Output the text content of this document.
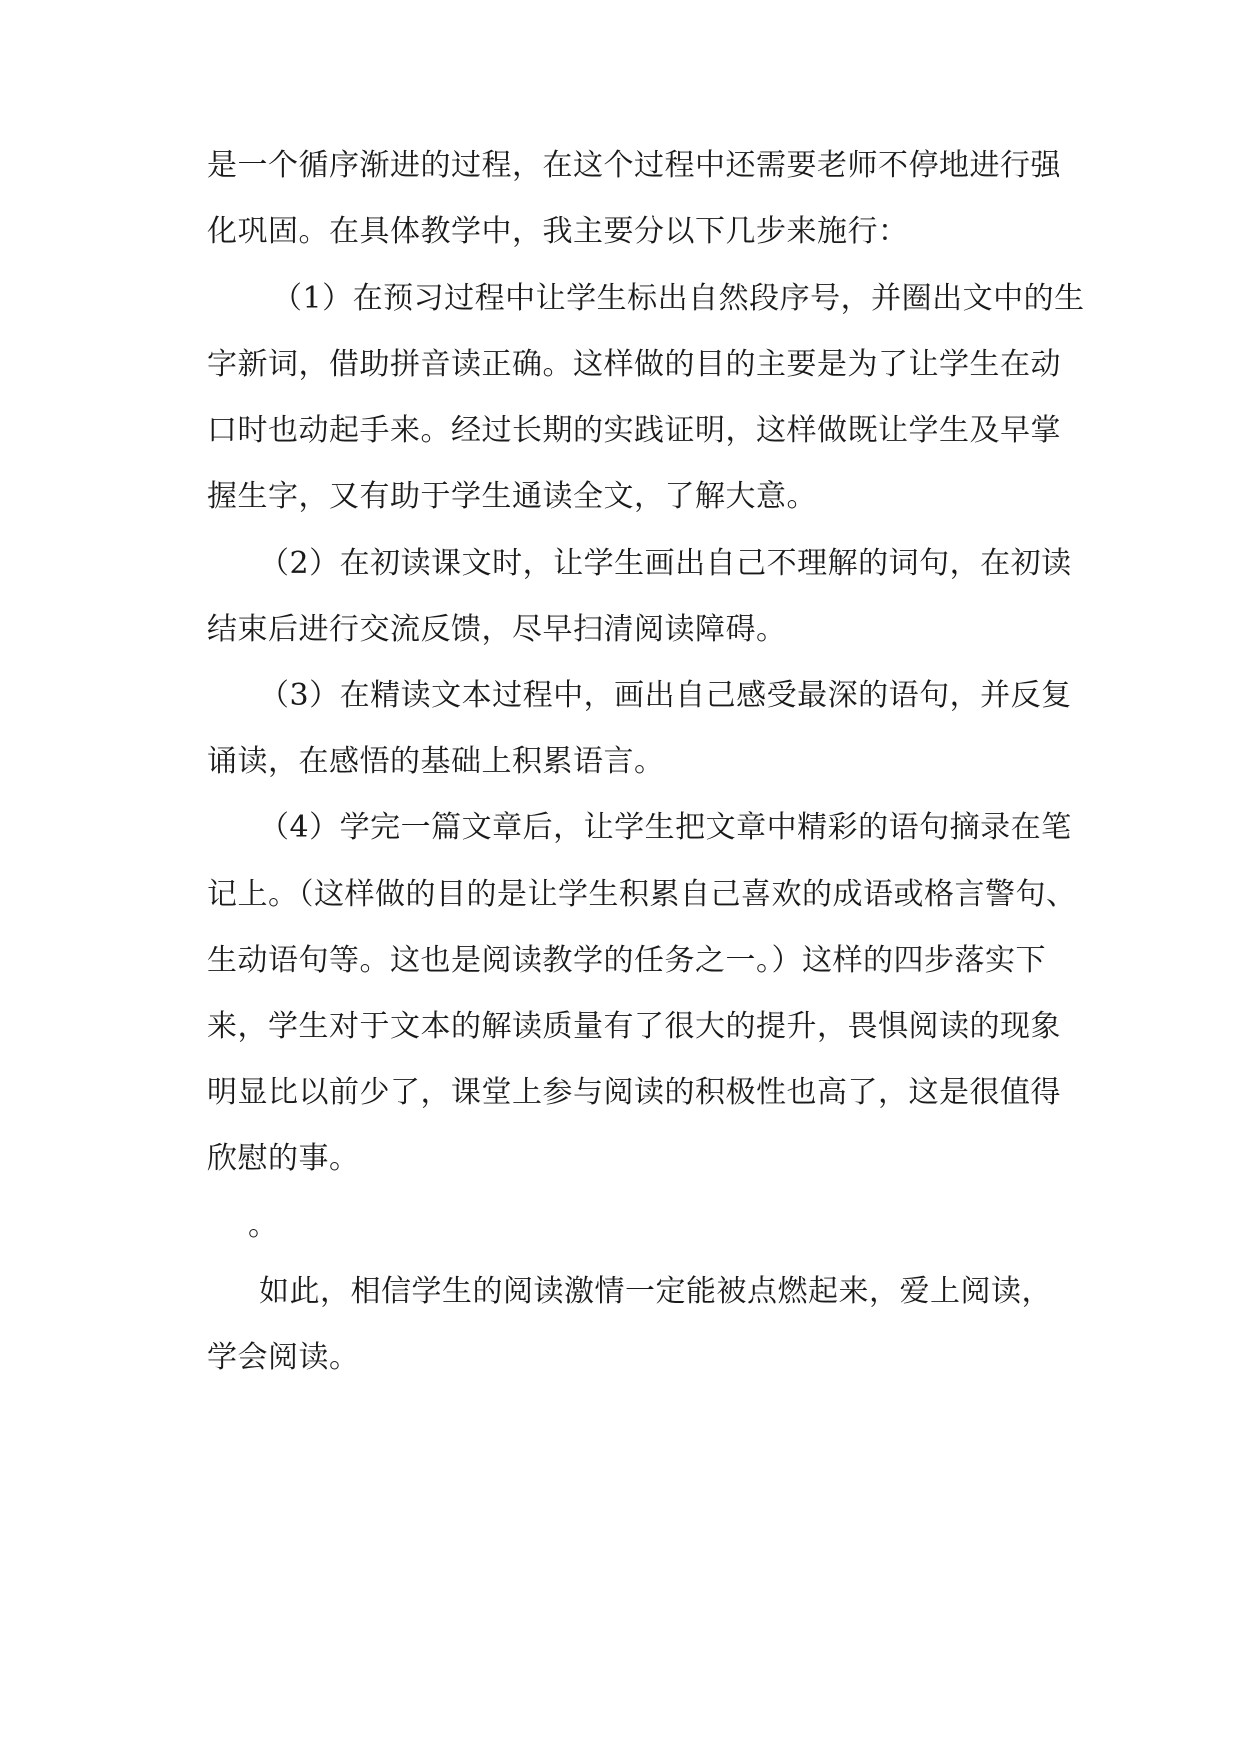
是一个循序渐进的过程，在这个过程中还需要老师不停地进行强
化巩固。在具体教学中，我主要分以下几步来施行：
（1）在预习过程中让学生标出自然段序号，并圈出文中的生
字新词，借助拼音读正确。这样做的目的主要是为了让学生在动
口时也动起手来。经过长期的实践证明，这样做既让学生及早掌
握生字，又有助于学生通读全文，了解大意。
（2）在初读课文时，让学生画出自己不理解的词句，在初读
结束后进行交流反馈，尽早扫清阅读障碍。
（3）在精读文本过程中，画出自己感受最深的语句，并反复
诵读，在感悟的基础上积累语言。
（4）学完一篇文章后，让学生把文章中精彩的语句摘录在笔
记上。（这样做的目的是让学生积累自己喜欢的成语或格言警句、
生动语句等。这也是阅读教学的任务之一。）这样的四步落实下
来，学生对于文本的解读质量有了很大的提升，畏惧阅读的现象
明显比以前少了，课堂上参与阅读的积极性也高了，这是很值得
欣慰的事。
。
如此，相信学生的阅读激情一定能被点燃起来，爱上阅读，
学会阅读。
